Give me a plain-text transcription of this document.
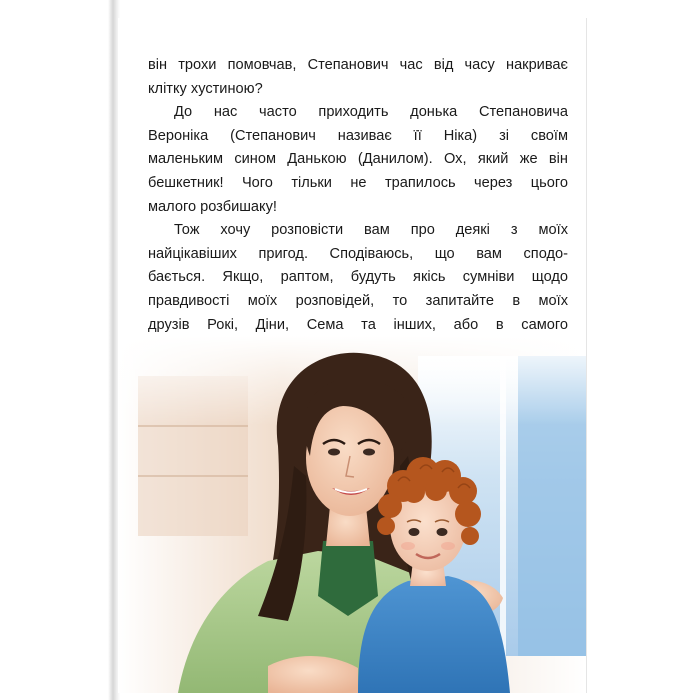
він трохи помовчав, Степанович час від часу накриває
клітку хустиною?

До нас часто приходить донька Степановича
Вероніка (Степанович називає її Ніка) зі своїм
маленьким сином Данькою (Данилом). Ох, який же він
бешкетник! Чого тільки не трапилось через цього
малого розбишаку!

Тож хочу розповісти вам про деякі з моїх
найцікавіших пригод. Сподіваюсь, що вам сподо-
бається. Якщо, раптом, будуть якісь сумніви щодо
правдивості моїх розповідей, то запитайте в моїх
друзів Рокі, Діни, Сема та інших, або в самого
